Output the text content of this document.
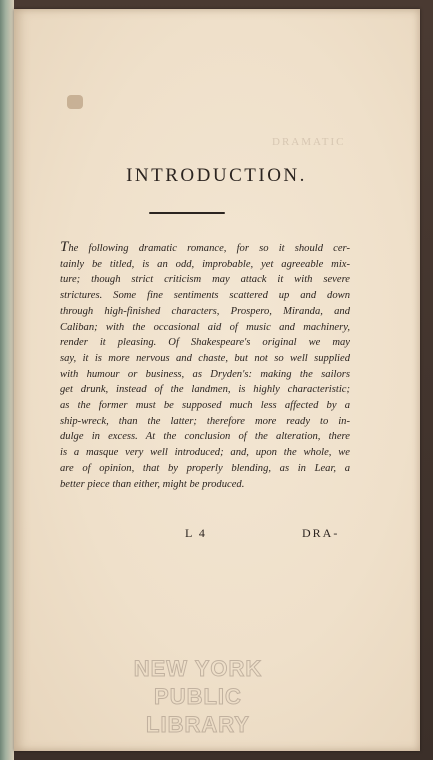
DRAMATIC
INTRODUCTION.
The following dramatic romance, for so it should cer-
tainly be titled, is an odd, improbable, yet agreeable mix-
ture; though strict criticism may attack it with severe
strictures. Some fine sentiments scattered up and down
through high-finished characters, Prospero, Miranda, and
Caliban; with the occasional aid of music and machinery,
render it pleasing. Of Shakespeare's original we may
say, it is more nervous and chaste, but not so well supplied
with humour or business, as Dryden's: making the sailors
get drunk, instead of the landmen, is highly characteristic;
as the former must be supposed much less affected by a
ship-wreck, than the latter; therefore more ready to in-
dulge in excess. At the conclusion of the alteration, there
is a masque very well introduced; and, upon the whole, we
are of opinion, that by properly blending, as in Lear, a
better piece than either, might be produced.
L 4	DRA-
NEW YORK
PUBLIC
LIBRARY
